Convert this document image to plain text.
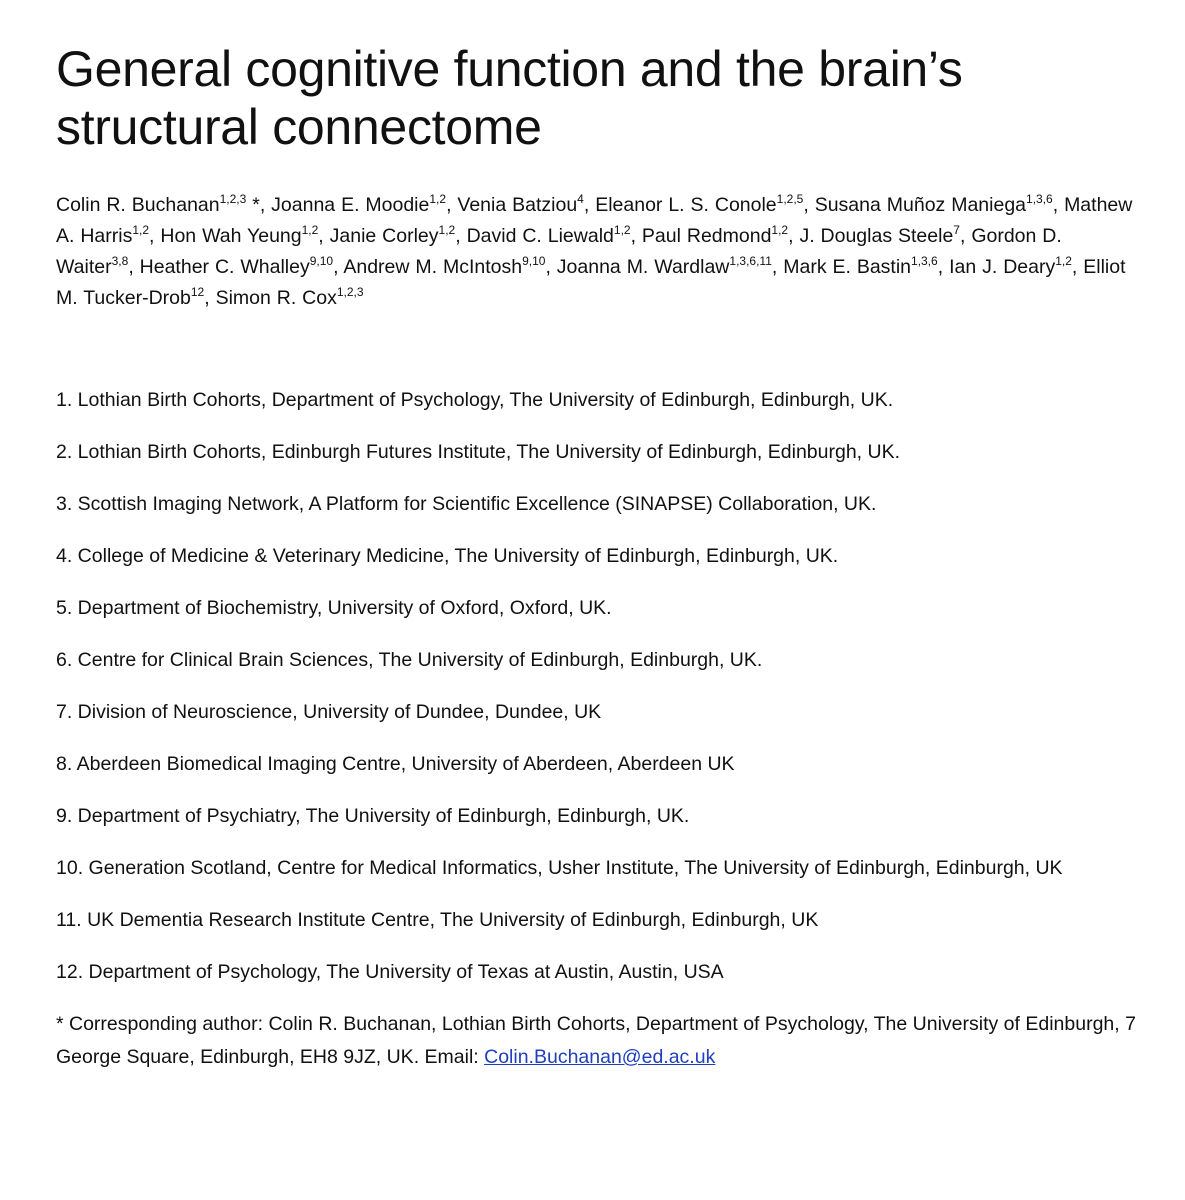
General cognitive function and the brain’s structural connectome
Colin R. Buchanan$^{1,2,3}$ *, Joanna E. Moodie$^{1,2}$, Venia Batziou$^4$, Eleanor L. S. Conole$^{1,2,5}$, Susana Muñoz Maniega$^{1,3,6}$, Mathew A. Harris$^{1,2}$, Hon Wah Yeung$^{1,2}$, Janie Corley$^{1,2}$, David C. Liewald$^{1,2}$, Paul Redmond$^{1,2}$, J. Douglas Steele$^7$, Gordon D. Waiter$^{3,8}$, Heather C. Whalley$^{9,10}$, Andrew M. McIntosh$^{9,10}$, Joanna M. Wardlaw$^{1,3,6,11}$, Mark E. Bastin$^{1,3,6}$, Ian J. Deary$^{1,2}$, Elliot M. Tucker-Drob$^{12}$, Simon R. Cox$^{1,2,3}$

1. Lothian Birth Cohorts, Department of Psychology, The University of Edinburgh, Edinburgh, UK.

2. Lothian Birth Cohorts, Edinburgh Futures Institute, The University of Edinburgh, Edinburgh, UK.

3. Scottish Imaging Network, A Platform for Scientific Excellence (SINAPSE) Collaboration, UK.

4. College of Medicine & Veterinary Medicine, The University of Edinburgh, Edinburgh, UK.

5. Department of Biochemistry, University of Oxford, Oxford, UK.

6. Centre for Clinical Brain Sciences, The University of Edinburgh, Edinburgh, UK.

7. Division of Neuroscience, University of Dundee, Dundee, UK

8. Aberdeen Biomedical Imaging Centre, University of Aberdeen, Aberdeen UK

9. Department of Psychiatry, The University of Edinburgh, Edinburgh, UK.

10. Generation Scotland, Centre for Medical Informatics, Usher Institute, The University of Edinburgh, Edinburgh, UK

11. UK Dementia Research Institute Centre, The University of Edinburgh, Edinburgh, UK

12. Department of Psychology, The University of Texas at Austin, Austin, USA

* Corresponding author: Colin R. Buchanan, Lothian Birth Cohorts, Department of Psychology, The University of Edinburgh, 7 George Square, Edinburgh, EH8 9JZ, UK. Email: Colin.Buchanan@ed.ac.uk
